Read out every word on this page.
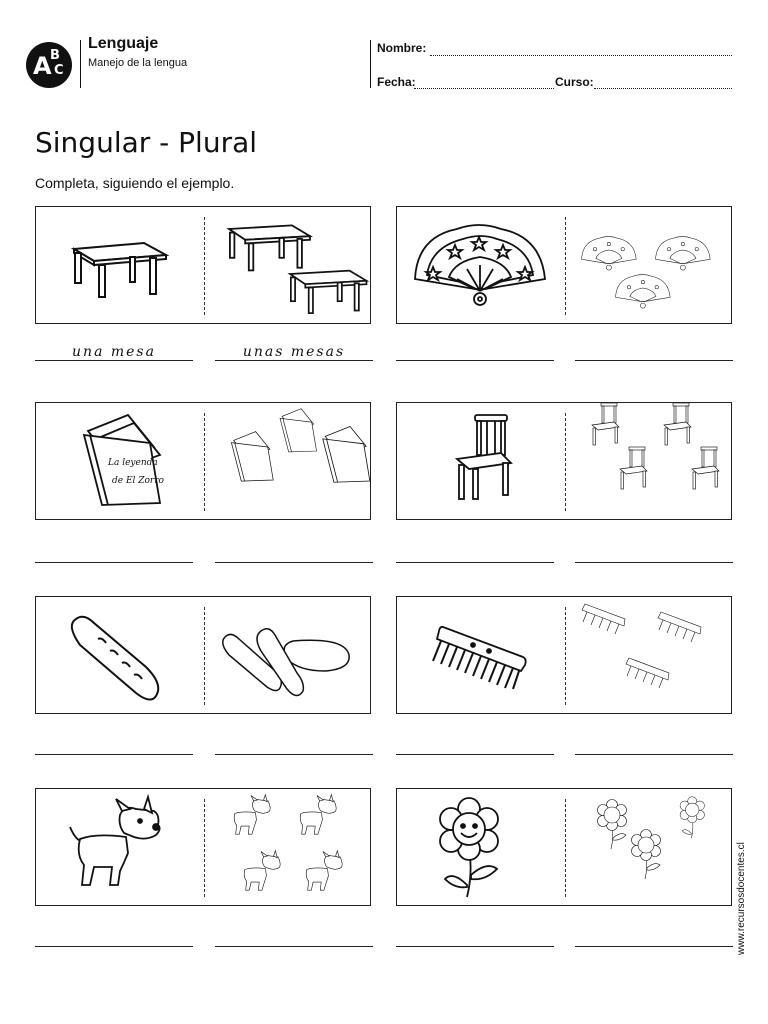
A
B
C
Lenguaje
Manejo de la lengua
Nombre:
Fecha:	Curso:
Singular - Plural
Completa, siguiendo el ejemplo.
una mesa	unas mesas
La leyenda
de El Zorro
www.recursosdocentes.cl
